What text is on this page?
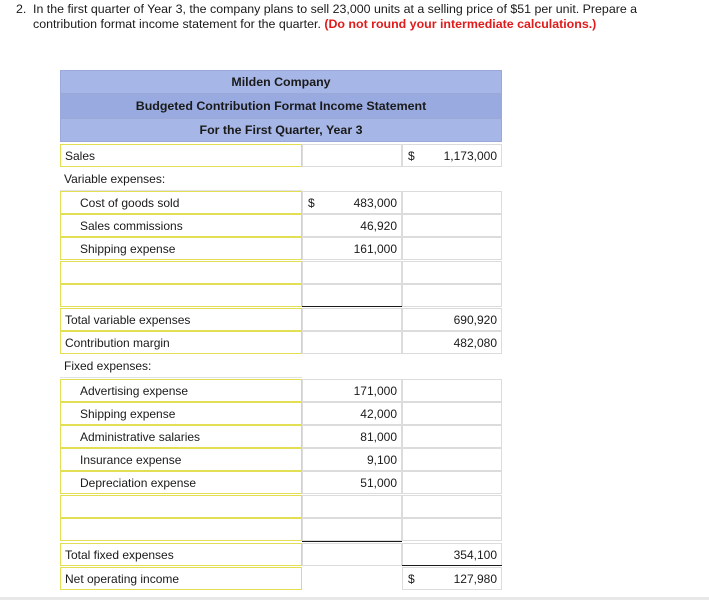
2. In the first quarter of Year 3, the company plans to sell 23,000 units at a selling price of $51 per unit. Prepare a contribution format income statement for the quarter. (Do not round your intermediate calculations.)
Milden Company
Budgeted Contribution Format Income Statement
For the First Quarter, Year 3
Sales	$ 1,173,000
Variable expenses:
Cost of goods sold	$	483,000
Sales commissions	46,920
Shipping expense	161,000
Total variable expenses	690,920
Contribution margin	482,080
Fixed expenses:
Advertising expense	171,000
Shipping expense	42,000
Administrative salaries	81,000
Insurance expense	9,100
Depreciation expense	51,000
Total fixed expenses	354,100
Net operating income	$	127,980
